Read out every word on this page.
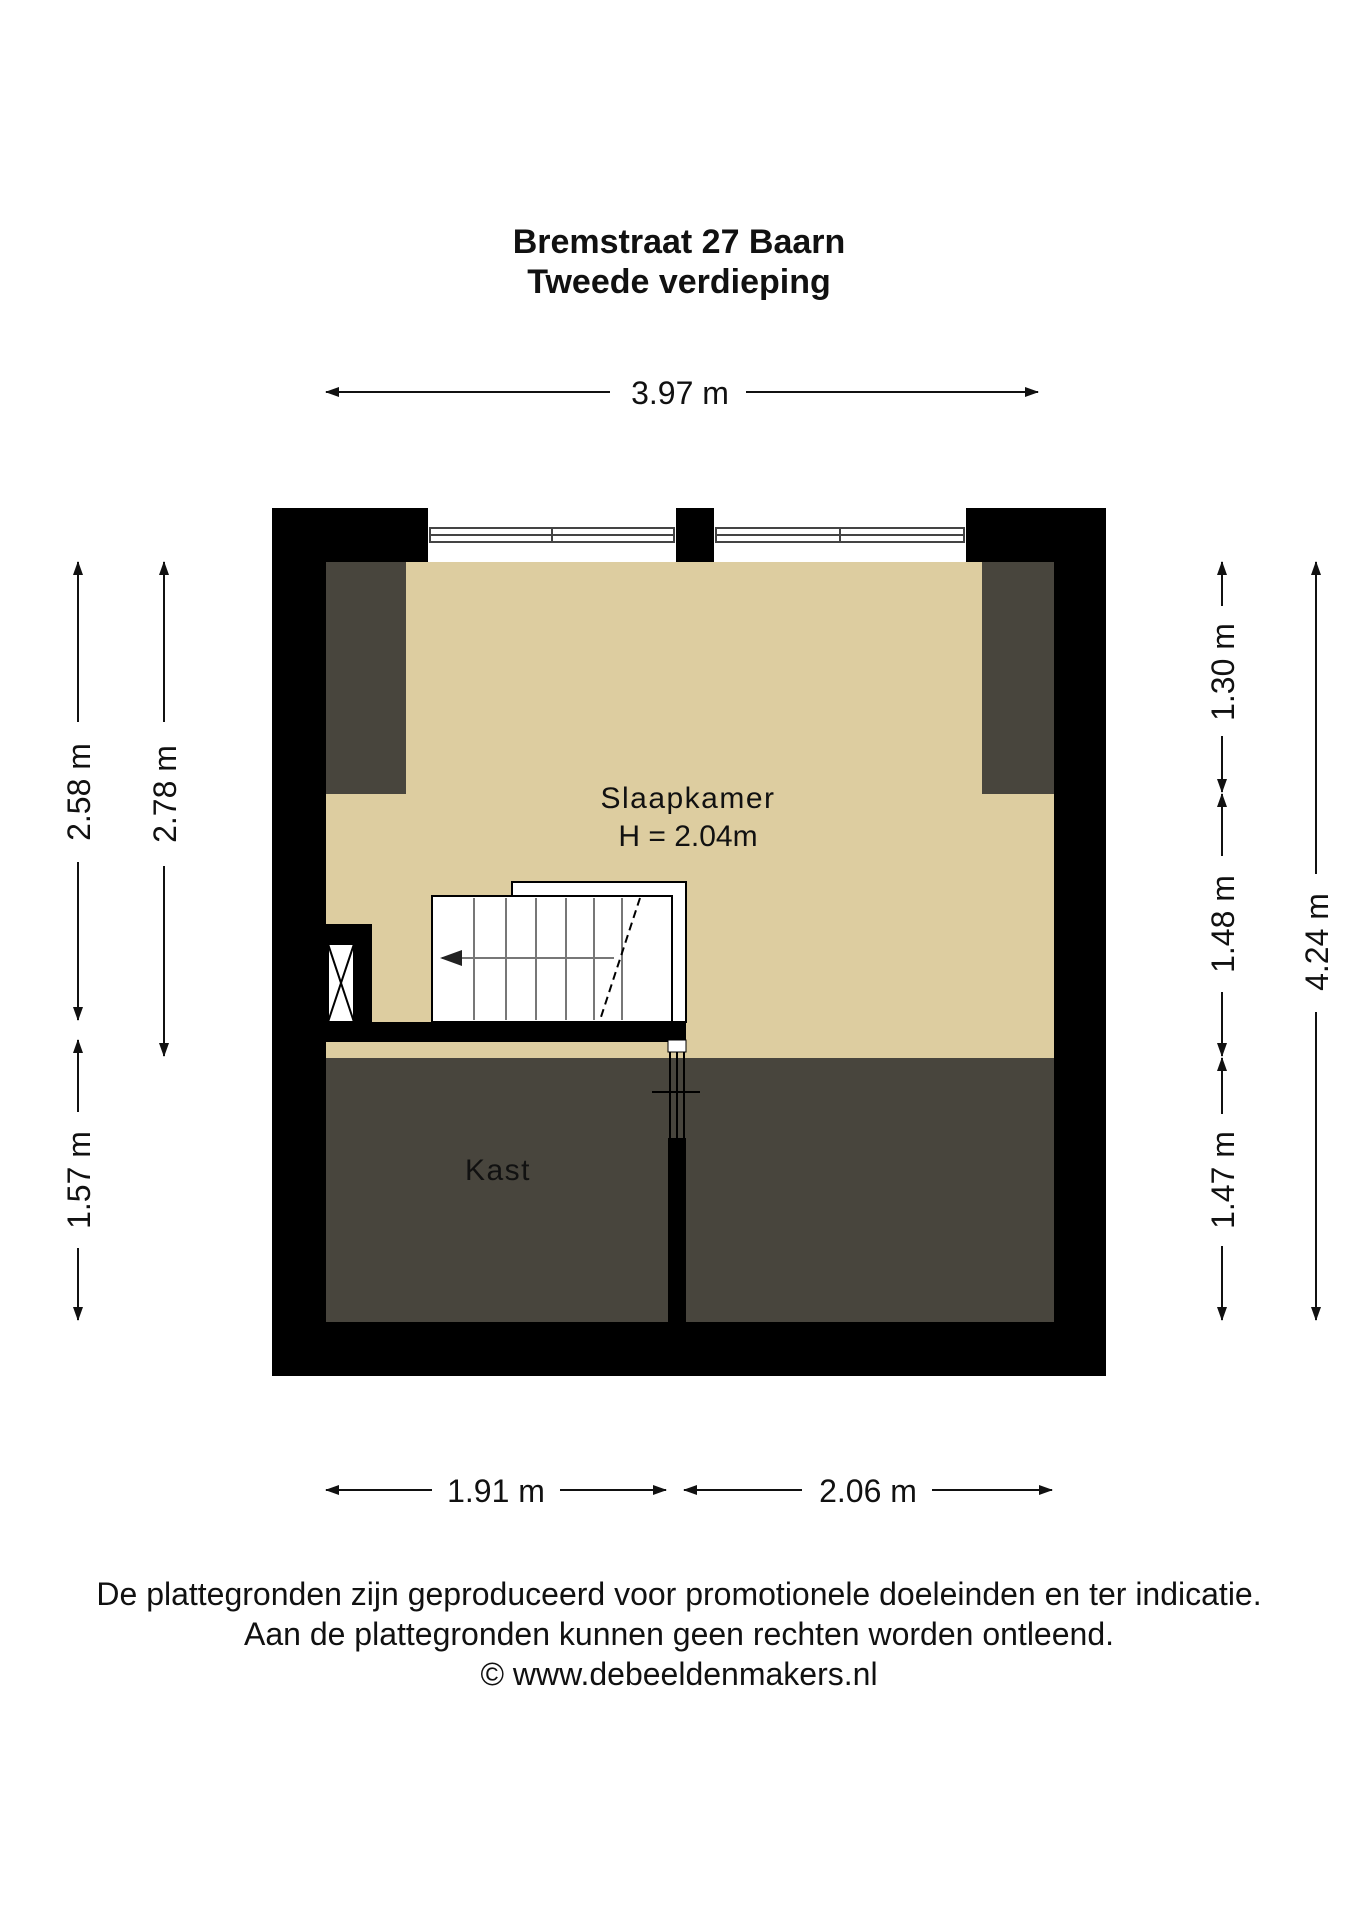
Bremstraat 27 Baarn
Tweede verdieping
Slaapkamer
H = 2.04m
Kast
3.97 m
1.91 m	2.06 m
2.58 m
1.57 m
2.78 m
1.30 m
1.48 m
1.47 m
4.24 m
De plattegronden zijn geproduceerd voor promotionele doeleinden en ter indicatie.
Aan de plattegronden kunnen geen rechten worden ontleend.
© www.debeeldenmakers.nl
